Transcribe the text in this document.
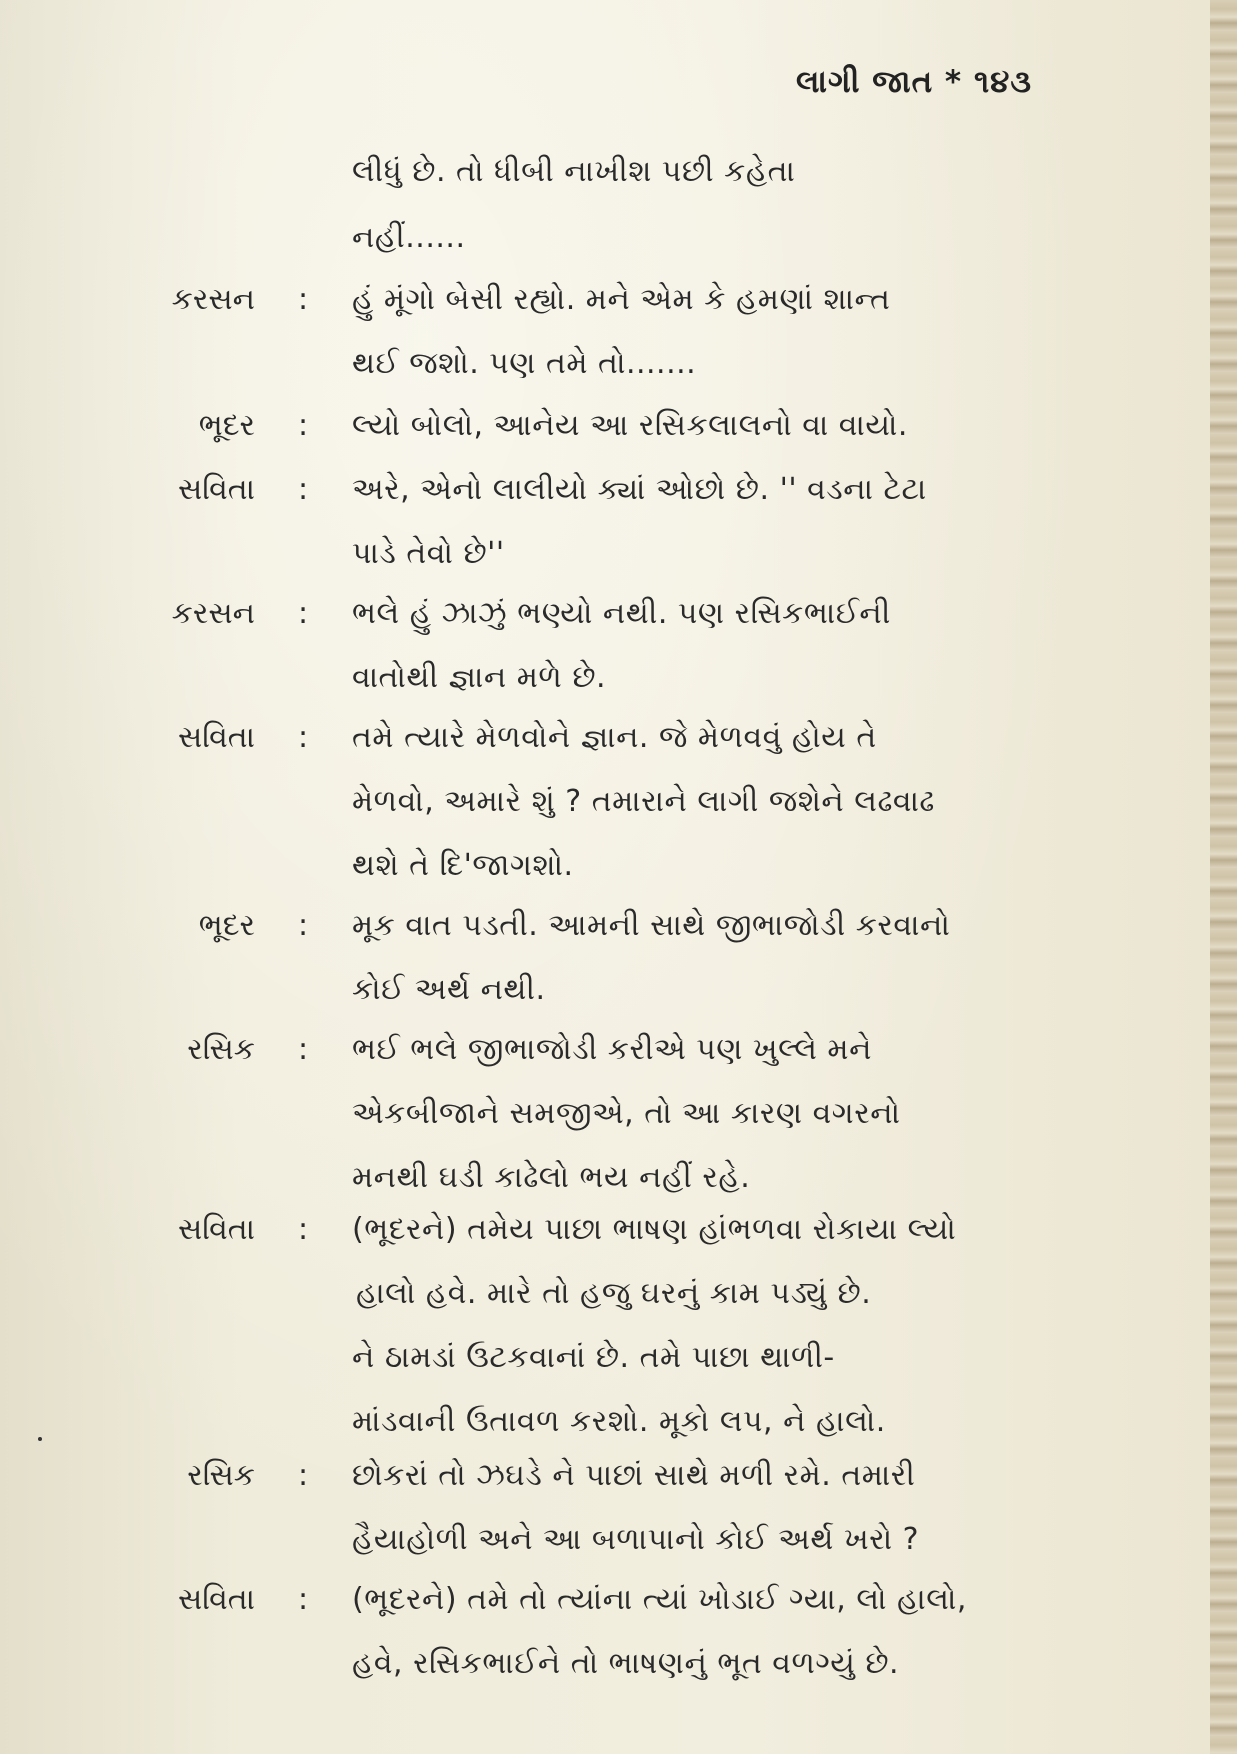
લાગી જાત * ૧૪૩
લીધું છે. તો ધીબી નાખીશ પછી કહેતા
નહીં......
કરસન : હું મૂંગો બેસી રહ્યો. મને એમ કે હમણાં શાન્ત
થઈ જશો. પણ તમે તો.......
ભૂદર : લ્યો બોલો, આનેય આ રસિકલાલનો વા વાયો.
સવિતા : અરે, એનો લાલીયો ક્યાં ઓછો છે. '' વડના ટેટા
પાડે તેવો છે''
કરસન : ભલે હું ઝાઝું ભણ્યો નથી. પણ રસિકભાઈની
વાતોથી જ્ઞાન મળે છે.
સવિતા : તમે ત્યારે મેળવોને જ્ઞાન. જે મેળવવું હોય તે
મેળવો, અમારે શું ? તમારાને લાગી જશેને લઢવાઢ
થશે તે દિ'જાગશો.
ભૂદર : મૂક વાત પડતી. આમની સાથે જીભાજોડી કરવાનો
કોઈ અર્થ નથી.
રસિક : ભઈ ભલે જીભાજોડી કરીએ પણ ખુલ્લે મને
એકબીજાને સમજીએ, તો આ કારણ વગરનો
મનથી ઘડી કાઢેલો ભય નહીં રહે.
સવિતા : (ભૂદરને) તમેય પાછા ભાષણ હાંભળવા રોકાયા લ્યો
હાલો હવે. મારે તો હજુ ઘરનું કામ પડ્યું છે.
ને ઠામડાં ઉટકવાનાં છે. તમે પાછા થાળી-
માંડવાની ઉતાવળ કરશો. મૂકો લપ, ને હાલો.
રસિક : છોકરાં તો ઝઘડે ને પાછાં સાથે મળી રમે. તમારી
હૈયાહોળી અને આ બળાપાનો કોઈ અર્થ ખરો ?
સવિતા : (ભૂદરને) તમે તો ત્યાંના ત્યાં ખોડાઈ ગ્યા, લો હાલો,
હવે, રસિકભાઈને તો ભાષણનું ભૂત વળગ્યું છે.
